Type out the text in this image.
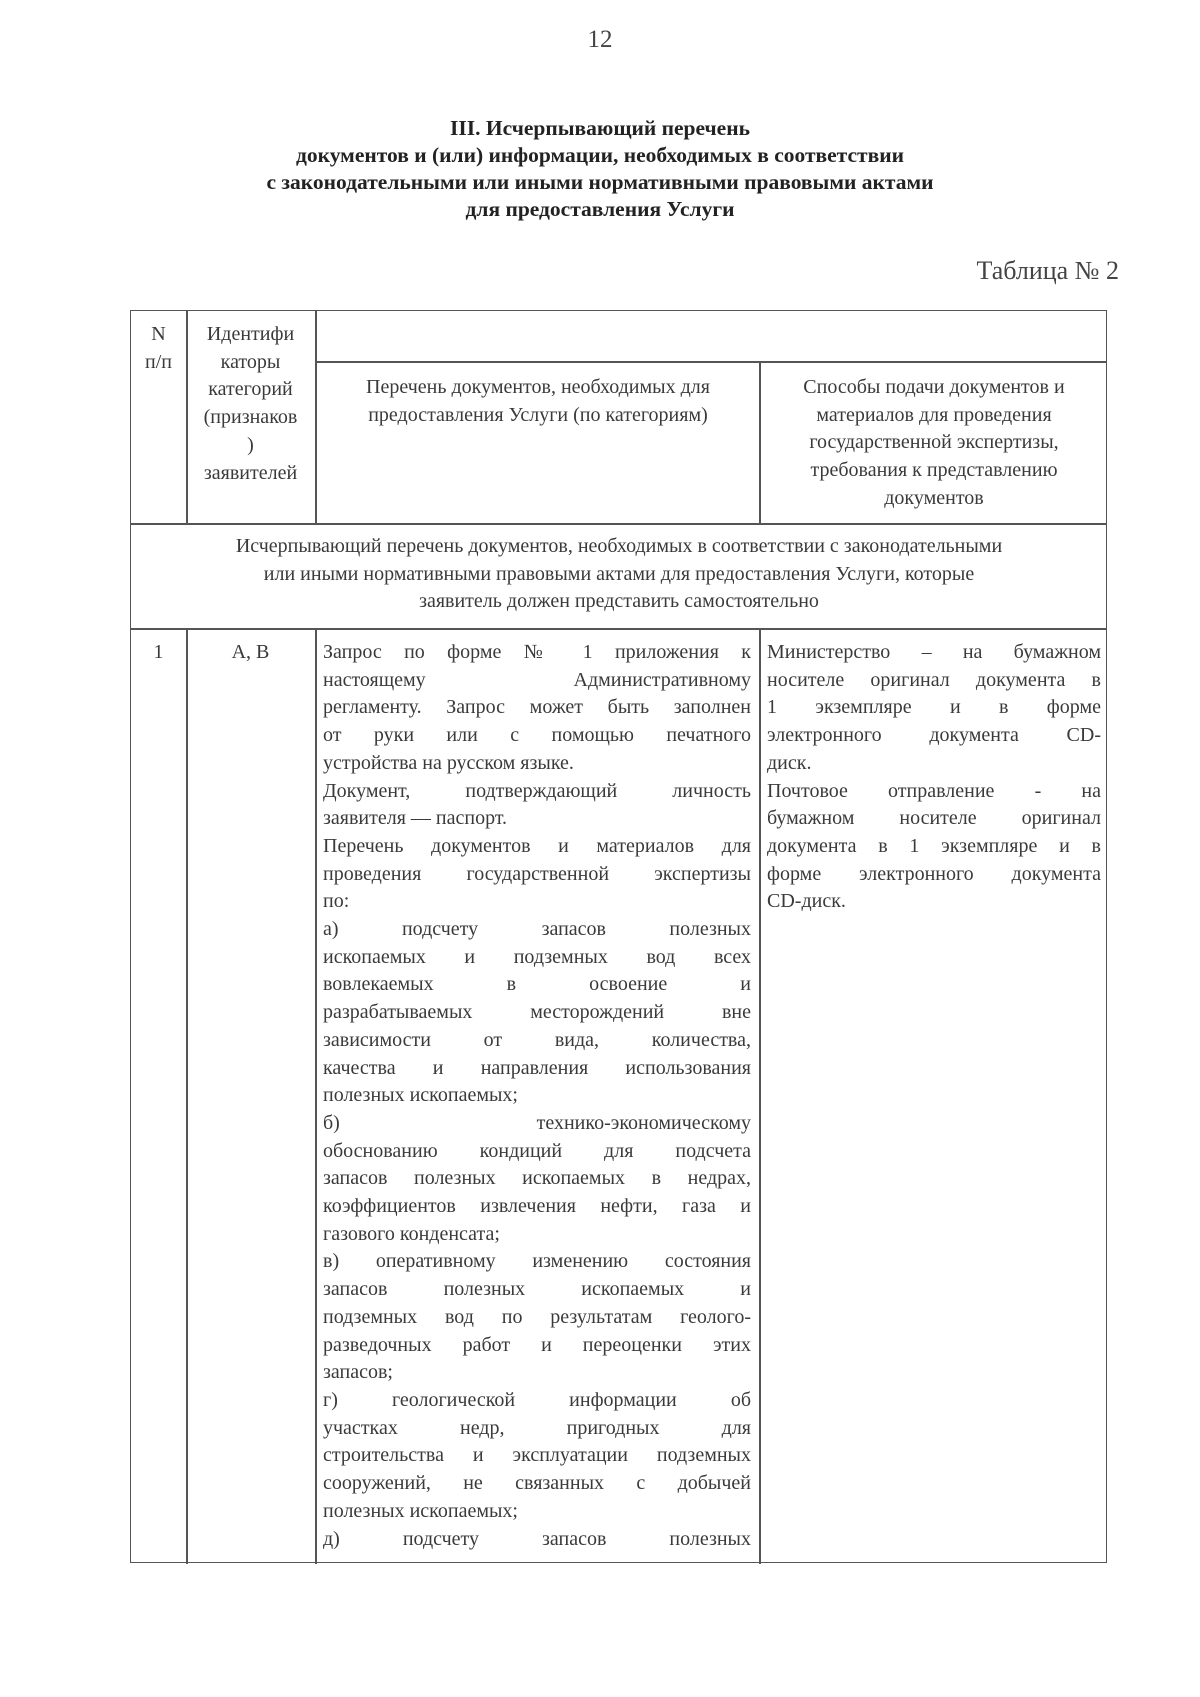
12
III. Исчерпывающий перечень
документов и (или) информации, необходимых в соответствии
с законодательными или иными нормативными правовыми актами
для предоставления Услуги
Таблица № 2
N
п/п
Идентифи
каторы
категорий
(признаков
)
заявителей
Перечень документов, необходимых для
предоставления Услуги (по категориям)
Способы подачи документов и
материалов для проведения
государственной экспертизы,
требования к представлению
документов
Исчерпывающий перечень документов, необходимых в соответствии с законодательными
или иными нормативными правовыми актами для предоставления Услуги, которые
заявитель должен представить самостоятельно
1	А, В	Запрос по форме № 1 приложения к
настоящему Административному
регламенту. Запрос может быть заполнен
от руки или с помощью печатного
устройства на русском языке.
Документ, подтверждающий личность
заявителя — паспорт.
Перечень документов и материалов для
проведения государственной экспертизы
по:
а) подсчету запасов полезных
ископаемых и подземных вод всех
вовлекаемых в освоение и
разрабатываемых месторождений вне
зависимости от вида, количества,
качества и направления использования
полезных ископаемых;
б) технико-экономическому
обоснованию кондиций для подсчета
запасов полезных ископаемых в недрах,
коэффициентов извлечения нефти, газа и
газового конденсата;
в) оперативному изменению состояния
запасов полезных ископаемых и
подземных вод по результатам геолого-
разведочных работ и переоценки этих
запасов;
г) геологической информации об
участках недр, пригодных для
строительства и эксплуатации подземных
сооружений, не связанных с добычей
полезных ископаемых;
д) подсчету запасов полезных
Министерство – на бумажном
носителе оригинал документа в
1 экземпляре и в форме
электронного документа CD-
диск.
Почтовое отправление - на
бумажном носителе оригинал
документа в 1 экземпляре и в
форме электронного документа
CD-диск.
